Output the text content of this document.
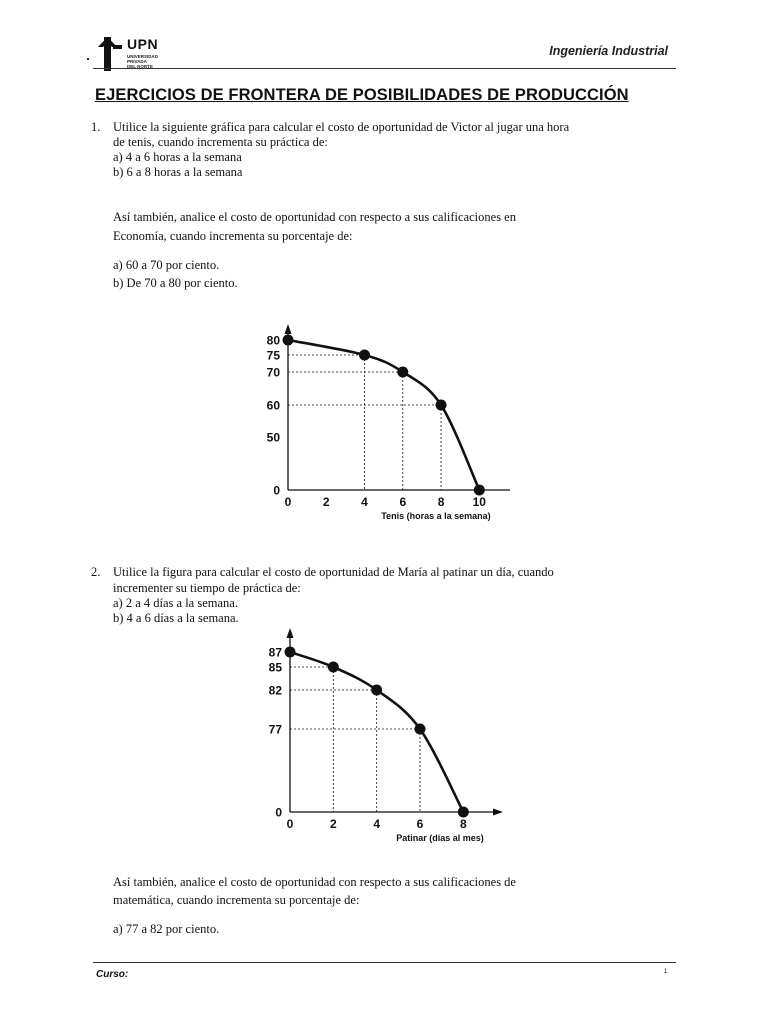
UPN
UNIVERSIDAD
PRIVADA
DEL NORTE
Ingeniería Industrial
EJERCICIOS DE FRONTERA DE POSIBILIDADES DE PRODUCCIÓN
1. Utilice la siguiente gráfica para calcular el costo de oportunidad de Victor al jugar una hora
de tenis, cuando incrementa su práctica de:
a) 4 a 6 horas a la semana
b) 6 a 8 horas a la semana
Así también, analice el costo de oportunidad con respecto a sus calificaciones en
Economía, cuando incrementa su porcentaje de:
a) 60 a 70 por ciento.
b) De 70 a 80 por ciento.
0	2	4	6	8 10
0
50
60
70
75
80
Tenis (horas a la semana)
2. Utilice la figura para calcular el costo de oportunidad de María al patinar un día, cuando
incrementer su tiempo de práctica de:
a) 2 a 4 días a la semana.
b) 4 a 6 días a la semana.
0	2	4	6	8
0
77
82
85
87
Patinar (días al mes)
Así también, analice el costo de oportunidad con respecto a sus calificaciones de
matemática, cuando incrementa su porcentaje de:
a) 77 a 82 por ciento.
Curso:	1
